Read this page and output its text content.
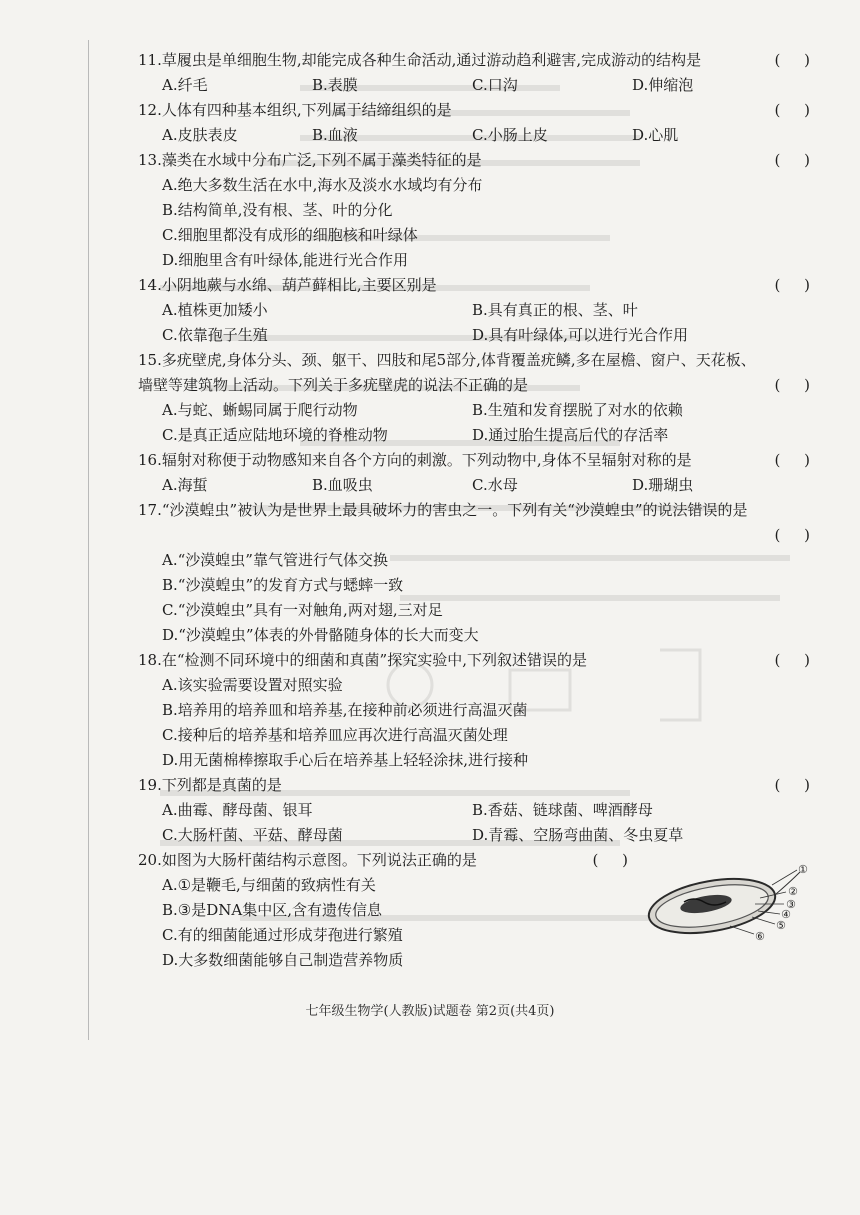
11.草履虫是单细胞生物,却能完成各种生命活动,通过游动趋利避害,完成游动的结构是	(     )
A.纤毛	B.表膜	C.口沟	D.伸缩泡
12.人体有四种基本组织,下列属于结缔组织的是	(     )
A.皮肤表皮	B.血液	C.小肠上皮	D.心肌
13.藻类在水域中分布广泛,下列不属于藻类特征的是	(     )
A.绝大多数生活在水中,海水及淡水水域均有分布
B.结构简单,没有根、茎、叶的分化
C.细胞里都没有成形的细胞核和叶绿体
D.细胞里含有叶绿体,能进行光合作用
14.小阴地蕨与水绵、葫芦藓相比,主要区别是	(     )
A.植株更加矮小	B.具有真正的根、茎、叶
C.依靠孢子生殖	D.具有叶绿体,可以进行光合作用
15.多疣壁虎,身体分头、颈、躯干、四肢和尾5部分,体背覆盖疣鳞,多在屋檐、窗户、天花板、墙壁等建筑物上活动。下列关于多疣壁虎的说法不正确的是	(     )
A.与蛇、蜥蜴同属于爬行动物	B.生殖和发育摆脱了对水的依赖
C.是真正适应陆地环境的脊椎动物	D.通过胎生提高后代的存活率
16.辐射对称便于动物感知来自各个方向的刺激。下列动物中,身体不呈辐射对称的是	(     )
A.海蜇	B.血吸虫	C.水母	D.珊瑚虫
17.“沙漠蝗虫”被认为是世界上最具破坏力的害虫之一。下列有关“沙漠蝗虫”的说法错误的是
(     )
A.“沙漠蝗虫”靠气管进行气体交换
B.“沙漠蝗虫”的发育方式与蟋蟀一致
C.“沙漠蝗虫”具有一对触角,两对翅,三对足
D.“沙漠蝗虫”体表的外骨骼随身体的长大而变大
18.在“检测不同环境中的细菌和真菌”探究实验中,下列叙述错误的是	(     )
A.该实验需要设置对照实验
B.培养用的培养皿和培养基,在接种前必须进行高温灭菌
C.接种后的培养基和培养皿应再次进行高温灭菌处理
D.用无菌棉棒擦取手心后在培养基上轻轻涂抹,进行接种
19.下列都是真菌的是	(     )
A.曲霉、酵母菌、银耳	B.香菇、链球菌、啤酒酵母
C.大肠杆菌、平菇、酵母菌	D.青霉、空肠弯曲菌、冬虫夏草
20.如图为大肠杆菌结构示意图。下列说法正确的是	(     )
A.①是鞭毛,与细菌的致病性有关
B.③是DNA集中区,含有遗传信息
C.有的细菌能通过形成芽孢进行繁殖
D.大多数细菌能够自己制造营养物质
①
②
③
④
⑤
⑥
七年级生物学(人教版)试题卷 第2页(共4页)
